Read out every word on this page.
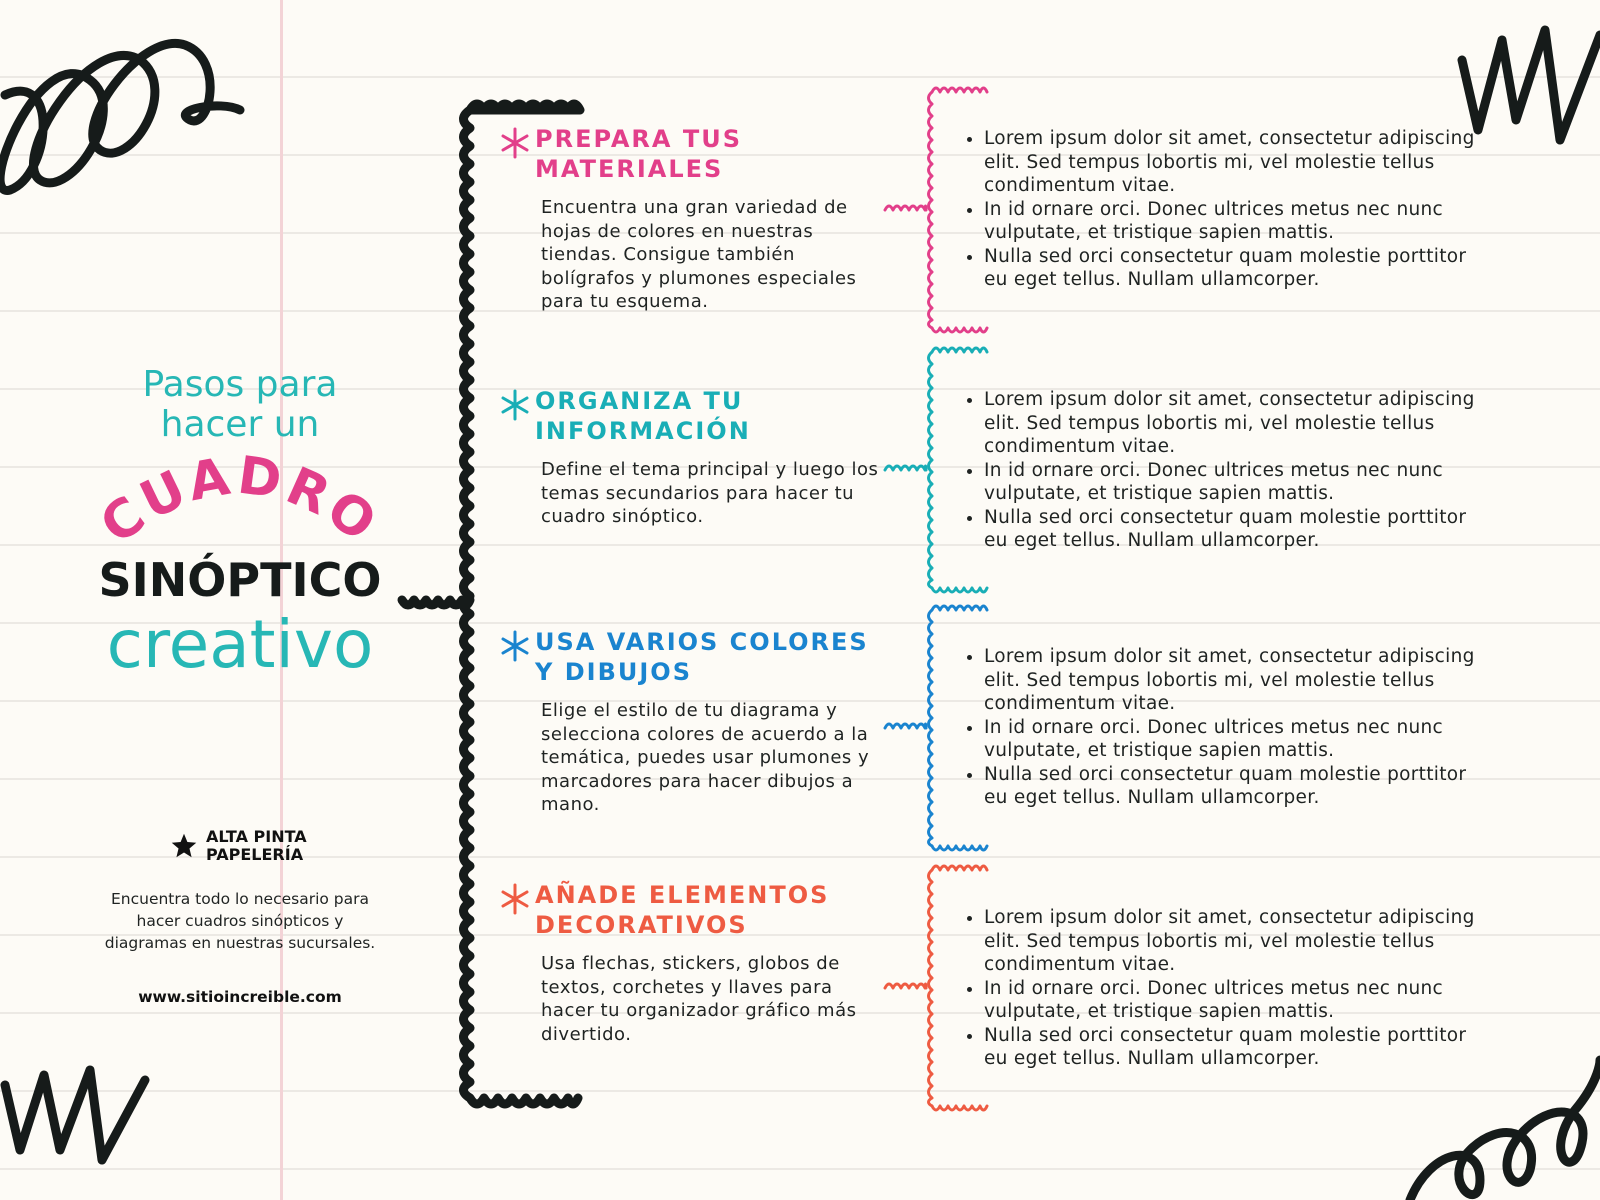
Pasos para
hacer un
CUADRO
SINÓPTICO
creativo
ALTA PINTA
PAPELERÍA
Encuentra todo lo necesario para hacer cuadros sinópticos y diagramas en nuestras sucursales.
www.sitioincreible.com
PREPARA TUS MATERIALES
Encuentra una gran variedad de hojas de colores en nuestras tiendas. Consigue también bolígrafos y plumones especiales para tu esquema.
ORGANIZA TU INFORMACIÓN
Define el tema principal y luego los temas secundarios para hacer tu cuadro sinóptico.
USA VARIOS COLORES Y DIBUJOS
Elige el estilo de tu diagrama y selecciona colores de acuerdo a la temática, puedes usar plumones y marcadores para hacer dibujos a mano.
AÑADE ELEMENTOS DECORATIVOS
Usa flechas, stickers, globos de textos, corchetes y llaves para hacer tu organizador gráfico más divertido.
• Lorem ipsum dolor sit amet, consectetur adipiscing elit. Sed tempus lobortis mi, vel molestie tellus condimentum vitae.
• In id ornare orci. Donec ultrices metus nec nunc vulputate, et tristique sapien mattis.
• Nulla sed orci consectetur quam molestie porttitor eu eget tellus. Nullam ullamcorper.
• Lorem ipsum dolor sit amet, consectetur adipiscing elit. Sed tempus lobortis mi, vel molestie tellus condimentum vitae.
• In id ornare orci. Donec ultrices metus nec nunc vulputate, et tristique sapien mattis.
• Nulla sed orci consectetur quam molestie porttitor eu eget tellus. Nullam ullamcorper.
• Lorem ipsum dolor sit amet, consectetur adipiscing elit. Sed tempus lobortis mi, vel molestie tellus condimentum vitae.
• In id ornare orci. Donec ultrices metus nec nunc vulputate, et tristique sapien mattis.
• Nulla sed orci consectetur quam molestie porttitor eu eget tellus. Nullam ullamcorper.
• Lorem ipsum dolor sit amet, consectetur adipiscing elit. Sed tempus lobortis mi, vel molestie tellus condimentum vitae.
• In id ornare orci. Donec ultrices metus nec nunc vulputate, et tristique sapien mattis.
• Nulla sed orci consectetur quam molestie porttitor eu eget tellus. Nullam ullamcorper.
